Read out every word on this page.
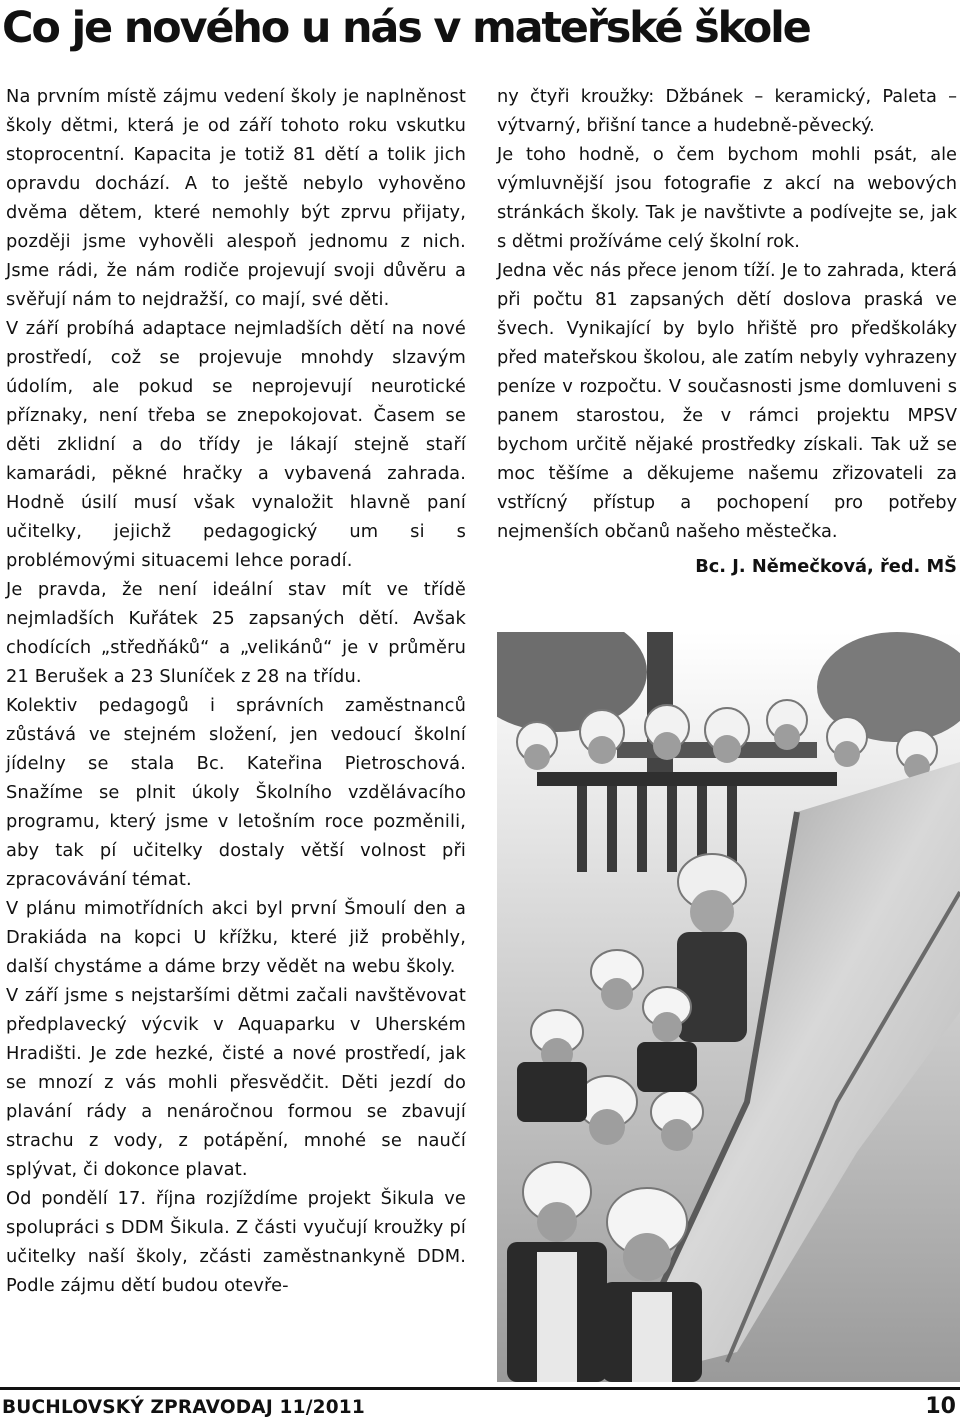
Co je nového u nás v mateřské škole

Na prvním místě zájmu vedení školy je naplněnost školy dětmi, která je od září tohoto roku vskutku stoprocentní. Kapacita je totiž 81 dětí a tolik jich opravdu dochází. A to ještě nebylo vyhověno dvěma dětem, které nemohly být zprvu přijaty, později jsme vyhověli alespoň jednomu z nich. Jsme rádi, že nám rodiče projevují svoji důvěru a svěřují nám to nejdražší, co mají, své děti.

V září probíhá adaptace nejmladších dětí na nové prostředí, což se projevuje mnohdy slzavým údolím, ale pokud se neprojevují neurotické příznaky, není třeba se znepokojovat. Časem se děti zklidní a do třídy je lákají stejně staří kamarádi, pěkné hračky a vybavená zahrada. Hodně úsilí musí však vynaložit hlavně paní učitelky, jejichž pedagogický um si s problémovými situacemi lehce poradí.

Je pravda, že není ideální stav mít ve třídě nejmladších Kuřátek 25 zapsaných dětí. Avšak chodících „středňáků“ a „velikánů“ je v průměru 21 Berušek a 23 Sluníček z 28 na třídu.

Kolektiv pedagogů i správních zaměstnanců zůstává ve stejném složení, jen vedoucí školní jídelny se stala Bc. Kateřina Pietroschová. Snažíme se plnit úkoly Školního vzdělávacího programu, který jsme v letošním roce pozměnili, aby tak pí učitelky dostaly větší volnost při zpracovávání témat.

V plánu mimotřídních akci byl první Šmoulí den a Drakiáda na kopci U křížku, které již proběhly, další chystáme a dáme brzy vědět na webu školy.

V září jsme s nejstaršími dětmi začali navštěvovat předplavecký výcvik v Aquaparku v Uherském Hradišti. Je zde hezké, čisté a nové prostředí, jak se mnozí z vás mohli přesvědčit. Děti jezdí do plavání rády a nenáročnou formou se zbavují strachu z vody, z potápění, mnohé se naučí splývat, či dokonce plavat.

Od pondělí 17. října rozjíždíme projekt Šikula ve spolupráci s DDM Šikula. Z části vyučují kroužky pí učitelky naší školy, zčásti zaměstnankyně DDM. Podle zájmu dětí budou otevře-

ny čtyři kroužky: Džbánek – keramický, Paleta – výtvarný, břišní tance a hudebně-pěvecký.

Je toho hodně, o čem bychom mohli psát, ale výmluvnější jsou fotografie z akcí na webových stránkách školy. Tak je navštivte a podívejte se, jak s dětmi prožíváme celý školní rok.

Jedna věc nás přece jenom tíží. Je to zahrada, která při počtu 81 zapsaných dětí doslova praská ve švech. Vynikající by bylo hřiště pro předškoláky před mateřskou školou, ale zatím nebyly vyhrazeny peníze v rozpočtu. V současnosti jsme domluveni s panem starostou, že v rámci projektu MPSV bychom určitě nějaké prostředky získali. Tak už se moc těšíme a děkujeme našemu zřizovateli za vstřícný přístup a pochopení pro potřeby nejmenších občanů našeho městečka.

Bc. J. Němečková, řed. MŠ

BUCHLOVSKÝ ZPRAVODAJ 11/2011	10
